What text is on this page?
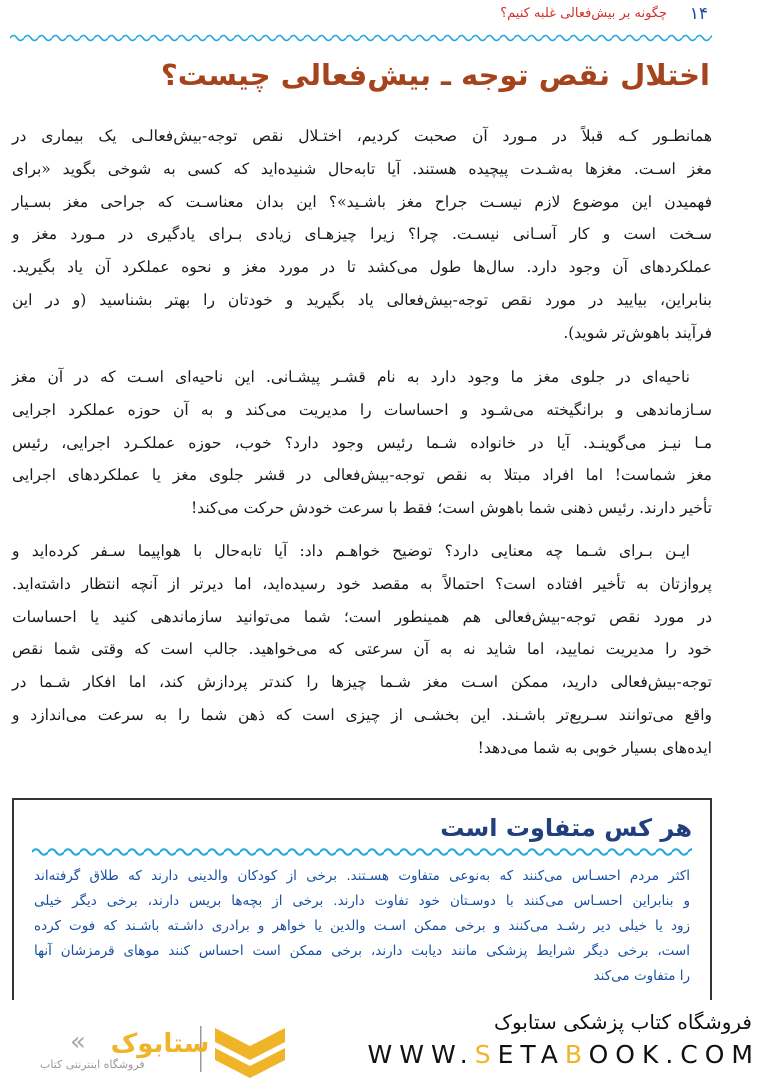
۱۴
چگونه بر بیش‌فعالی غلبه کنیم؟
اختلال نقص توجه ـ بیش‌فعالی چیست؟
همانطـور کـه قبلاً در مـورد آن صحبت کردیم، اختـلال نقص توجه-بیش‌فعالـی یک بیماری در
مغز اسـت. مغزها به‌شـدت پیچیده هستند. آیا تابه‌حال شنیده‌اید که کسی به شوخی بگوید «برای
فهمیدن این موضوع لازم نیسـت جراح مغز باشـید»؟ این بدان معناسـت که جراحی مغز بسـیار
سـخت است و کار آسـانی نیسـت. چرا؟ زیرا چیزهـای زیادی بـرای یادگیری در مـورد مغز و
عملکردهای آن وجود دارد. سال‌ها طول می‌کشد تا در مورد مغز و نحوه عملکرد آن یاد بگیرید.
بنابراین، بیایید در مورد نقص توجه-بیش‌فعالی یاد بگیرید و خودتان را بهتر بشناسید (و در این
فرآیند باهوش‌تر شوید).
ناحیه‌ای در جلوی مغز ما وجود دارد به نام قشـر پیشـانی. این ناحیه‌ای اسـت که در آن مغز
سـازماندهی و برانگیخته می‌شـود و احساسات را مدیریت می‌کند و به آن حوزه عملکرد اجرایی
مـا نیـز می‌گوینـد. آیا در خانواده شـما رئیس وجود دارد؟ خوب، حوزه عملکـرد اجرایی، رئیس
مغز شماست! اما افراد مبتلا به نقص توجه-بیش‌فعالی در قشر جلوی مغز یا عملکردهای اجرایی
تأخیر دارند. رئیس ذهنی شما باهوش است؛ فقط با سرعت خودش حرکت می‌کند!
ایـن بـرای شـما چه معنایی دارد؟ توضیح خواهـم داد: آیا تابه‌حال با هواپیما سـفر کرده‌اید و
پروازتان به تأخیر افتاده است؟ احتمالاً به مقصد خود رسیده‌اید، اما دیرتر از آنچه انتظار داشته‌اید.
در مورد نقص توجه-بیش‌فعالی هم همینطور است؛ شما می‌توانید سازماندهی کنید یا احساسات
خود را مدیریت نمایید، اما شاید نه به آن سرعتی که می‌خواهید. جالب است که وقتی شما نقص
توجه-بیش‌فعالی دارید، ممکن اسـت مغز شـما چیزها را کندتر پردازش کند، اما افکار شـما در
واقع می‌توانند سـریع‌تر باشـند. این بخشـی از چیزی است که ذهن شما را به سرعت می‌اندازد و
ایده‌های بسیار خوبی به شما می‌دهد!
هر کس متفاوت است
اکثر مردم احسـاس می‌کنند که به‌نوعی متفاوت هسـتند. برخی از کودکان والدینی دارند که طلاق گرفته‌اند
و بنابراین احسـاس می‌کنند با دوسـتان خود تفاوت دارند. برخی از بچه‌ها بریس دارند، برخی دیگر خیلی
زود یا خیلی دیر رشـد می‌کنند و برخی ممکن اسـت والدین یا خواهر و برادری داشـته باشـند که فوت کرده
است، برخی دیگر شرایط پزشکی مانند دیابت دارند، برخی ممکن است احساس کنند موهای قرمزشان آنها
را متفاوت می‌کند
فروشگاه کتاب پزشکی ستابوک
WWW.SETABOOK.COM
ستابوک
«
فروشگاه اینترنتی کتاب
